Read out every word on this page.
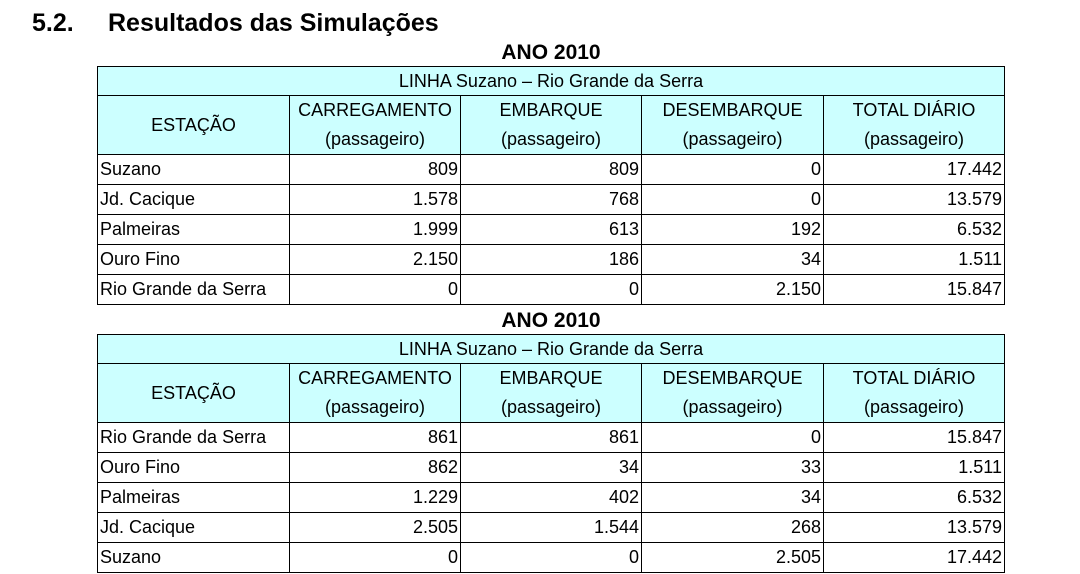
5.2. Resultados das Simulações
ANO 2010
LINHA Suzano – Rio Grande da Serra				
ESTAÇÃO	CARREGAMENTO	EMBARQUE	DESEMBARQUE	TOTAL DIÁRIO
	(passageiro)	(passageiro)	(passageiro)	(passageiro)
Suzano	809	809	0	17.442
Jd. Cacique	1.578	768	0	13.579
Palmeiras	1.999	613	192	6.532
Ouro Fino	2.150	186	34	1.511
Rio Grande da Serra	0	0	2.150	15.847
ANO 2010
LINHA Suzano – Rio Grande da Serra				
ESTAÇÃO	CARREGAMENTO	EMBARQUE	DESEMBARQUE	TOTAL DIÁRIO
	(passageiro)	(passageiro)	(passageiro)	(passageiro)
Rio Grande da Serra	861	861	0	15.847
Ouro Fino	862	34	33	1.511
Palmeiras	1.229	402	34	6.532
Jd. Cacique	2.505	1.544	268	13.579
Suzano	0	0	2.505	17.442
